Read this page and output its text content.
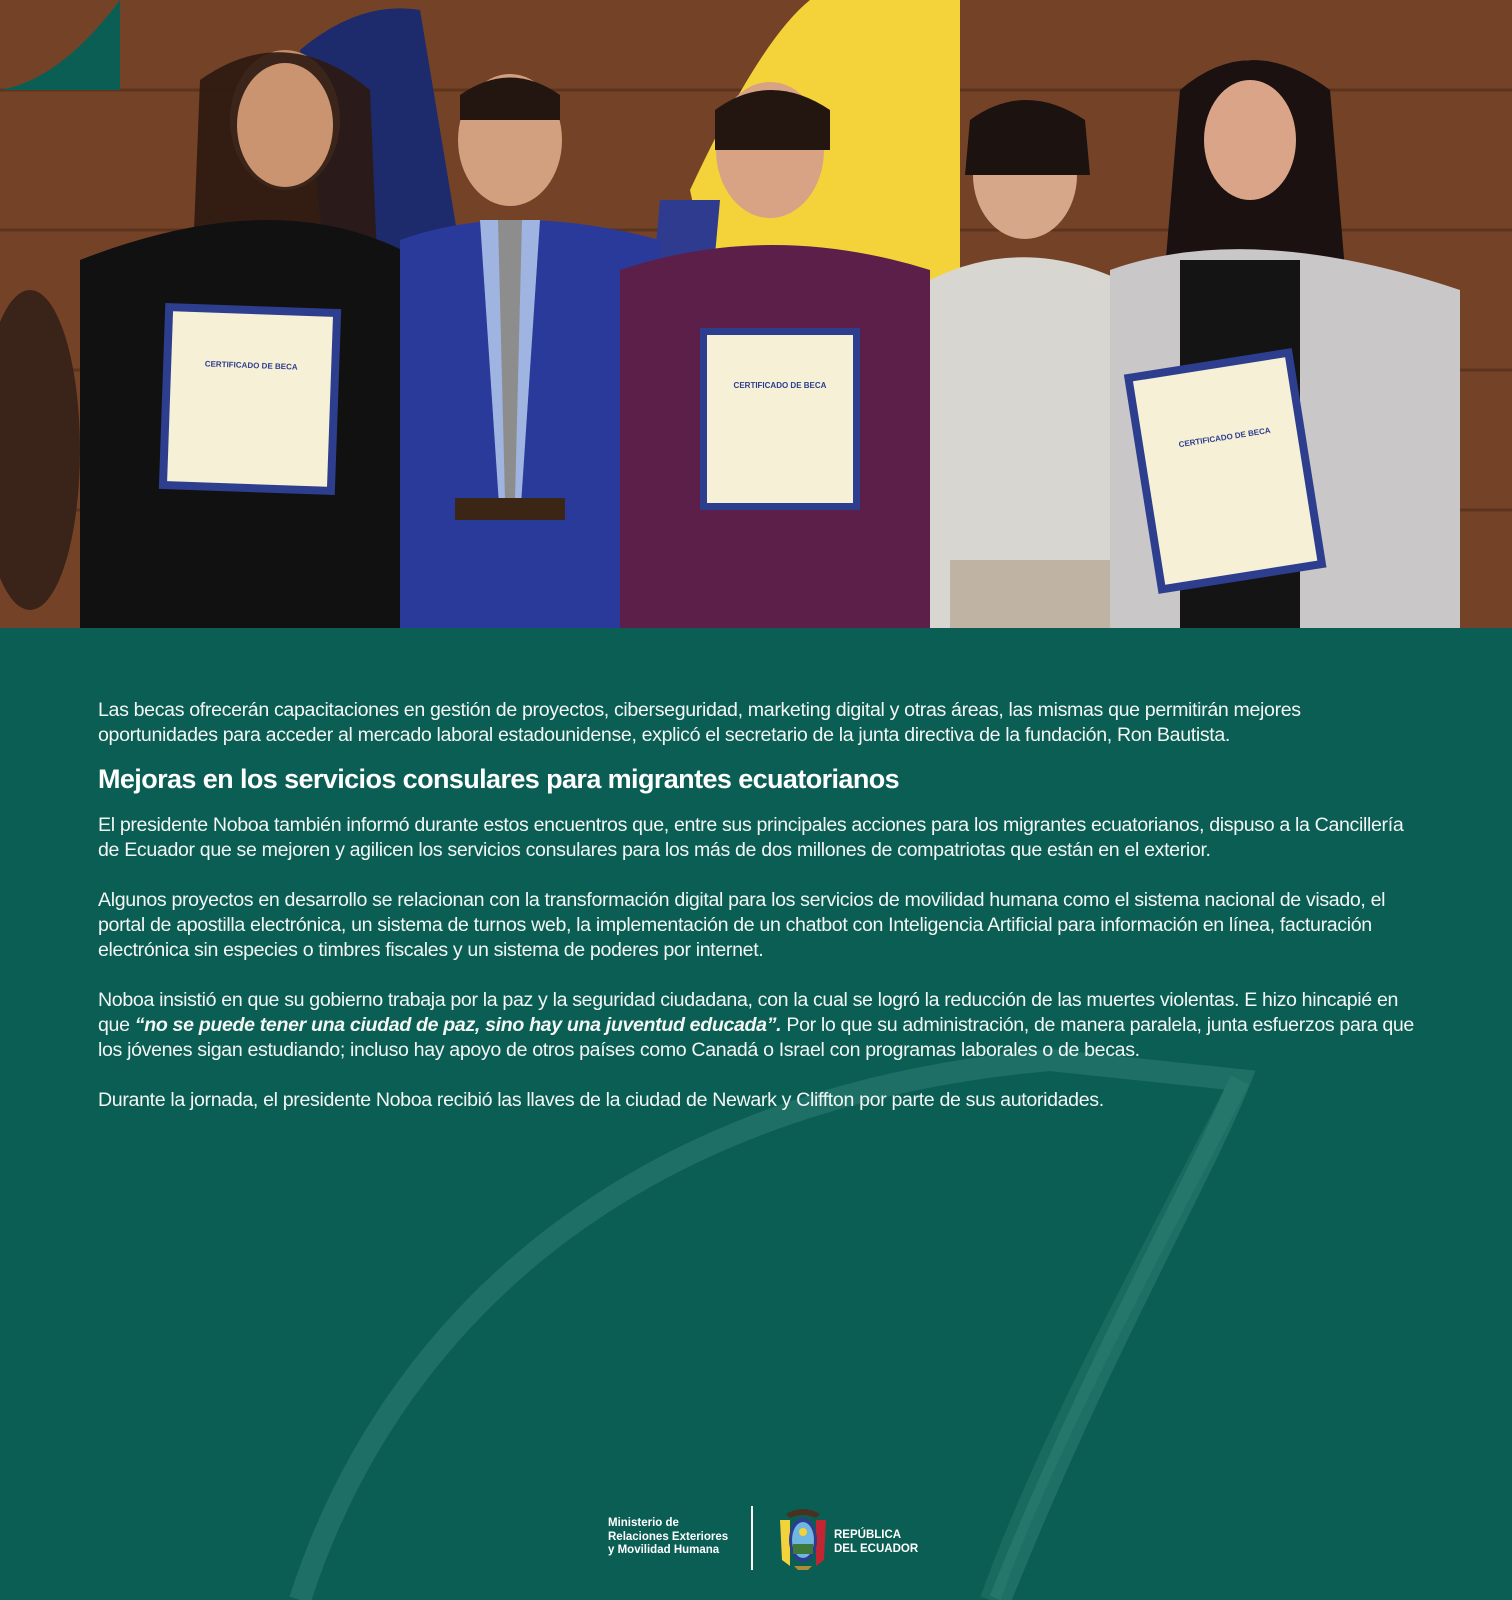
CERTIFICADO DE BECA
CERTIFICADO DE BECA
CERTIFICADO DE BECA

Las becas ofrecerán capacitaciones en gestión de proyectos, ciberseguridad, marketing digital y otras áreas, las mismas que permitirán mejores oportunidades para acceder al mercado laboral estadounidense, explicó el secretario de la junta directiva de la fundación, Ron Bautista.

Mejoras en los servicios consulares para migrantes ecuatorianos

El presidente Noboa también informó durante estos encuentros que, entre sus principales acciones para los migrantes ecuatorianos, dispuso a la Cancillería de Ecuador que se mejoren y agilicen los servicios consulares para los más de dos millones de compatriotas que están en el exterior.

Algunos proyectos en desarrollo se relacionan con la transformación digital para los servicios de movilidad humana como el sistema nacional de visado, el portal de apostilla electrónica, un sistema de turnos web, la implementación de un chatbot con Inteligencia Artificial para información en línea, facturación electrónica sin especies o timbres fiscales y un sistema de poderes por internet.

Noboa insistió en que su gobierno trabaja por la paz y la seguridad ciudadana, con la cual se logró la reducción de las muertes violentas. E hizo hincapié en que “no se puede tener una ciudad de paz, sino hay una juventud educada”. Por lo que su administración, de manera paralela, junta esfuerzos para que los jóvenes sigan estudiando; incluso hay apoyo de otros países como Canadá o Israel con programas laborales o de becas.

Durante la jornada, el presidente Noboa recibió las llaves de la ciudad de Newark y Cliffton por parte de sus autoridades.

Ministerio de
Relaciones Exteriores
y Movilidad Humana
REPÚBLICA
DEL ECUADOR
